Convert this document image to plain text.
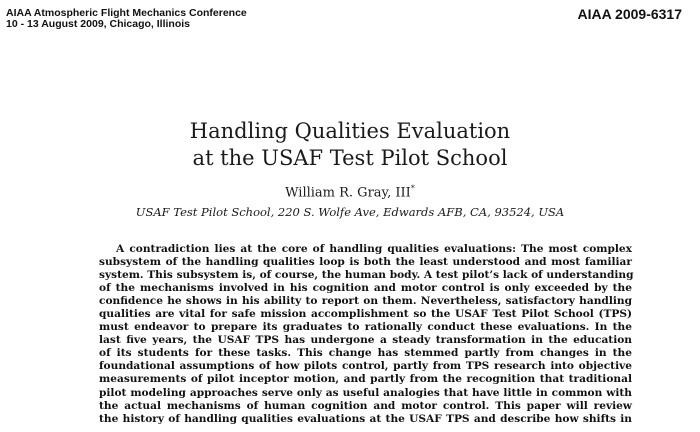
AIAA Atmospheric Flight Mechanics Conference
10 - 13 August 2009, Chicago, Illinois
AIAA 2009-6317
Handling Qualities Evaluation
at the USAF Test Pilot School
William R. Gray, III*
USAF Test Pilot School, 220 S. Wolfe Ave, Edwards AFB, CA, 93524, USA
A contradiction lies at the core of handling qualities evaluations: The most complex
subsystem of the handling qualities loop is both the least understood and most familiar
system. This subsystem is, of course, the human body. A test pilot’s lack of understanding
of the mechanisms involved in his cognition and motor control is only exceeded by the
confidence he shows in his ability to report on them. Nevertheless, satisfactory handling
qualities are vital for safe mission accomplishment so the USAF Test Pilot School (TPS)
must endeavor to prepare its graduates to rationally conduct these evaluations. In the
last five years, the USAF TPS has undergone a steady transformation in the education
of its students for these tasks. This change has stemmed partly from changes in the
foundational assumptions of how pilots control, partly from TPS research into objective
measurements of pilot inceptor motion, and partly from the recognition that traditional
pilot modeling approaches serve only as useful analogies that have little in common with
the actual mechanisms of human cognition and motor control. This paper will review
the history of handling qualities evaluations at the USAF TPS and describe how shifts in
